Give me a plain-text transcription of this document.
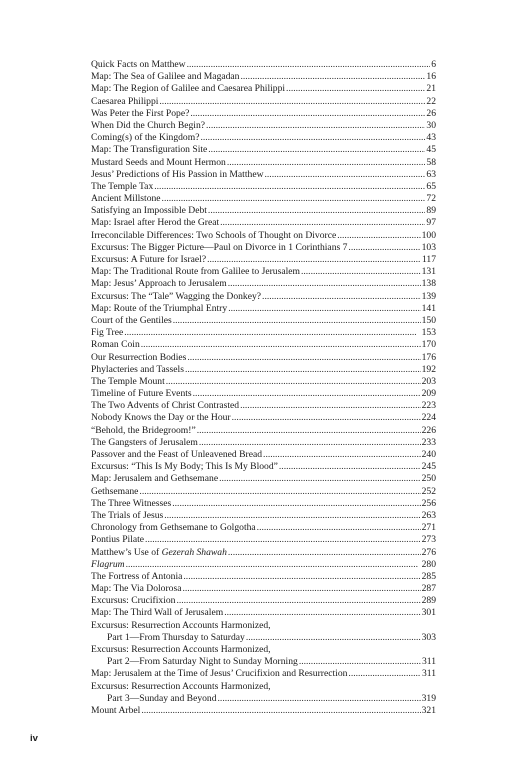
Quick Facts on Matthew . . .	6
Map: The Sea of Galilee and Magadan . . .	16
Map: The Region of Galilee and Caesarea Philippi . . .	21
Caesarea Philippi . . .	22
Was Peter the First Pope? . . .	26
When Did the Church Begin? . . .	30
Coming(s) of the Kingdom? . . .	43
Map: The Transfiguration Site . . .	45
Mustard Seeds and Mount Hermon . . .	58
Jesus’ Predictions of His Passion in Matthew . . .	63
The Temple Tax . . .	65
Ancient Millstone . . .	72
Satisfying an Impossible Debt . . .	89
Map: Israel after Herod the Great . . .	97
Irreconcilable Differences: Two Schools of Thought on Divorce . . .	100
Excursus: The Bigger Picture—Paul on Divorce in 1 Corinthians 7 . . .	103
Excursus: A Future for Israel? . . .	117
Map: The Traditional Route from Galilee to Jerusalem . . .	131
Map: Jesus’ Approach to Jerusalem . . .	138
Excursus: The “Tale” Wagging the Donkey? . . .	139
Map: Route of the Triumphal Entry . . .	141
Court of the Gentiles . . .	150
Fig Tree . . .	153
Roman Coin . . .	170
Our Resurrection Bodies . . .	176
Phylacteries and Tassels . . .	192
The Temple Mount . . .	203
Timeline of Future Events . . .	209
The Two Advents of Christ Contrasted . . .	223
Nobody Knows the Day or the Hour . . .	224
“Behold, the Bridegroom!” . . .	226
The Gangsters of Jerusalem . . .	233
Passover and the Feast of Unleavened Bread . . .	240
Excursus: “This Is My Body; This Is My Blood” . . .	245
Map: Jerusalem and Gethsemane . . .	250
Gethsemane . . .	252
The Three Witnesses . . .	256
The Trials of Jesus . . .	263
Chronology from Gethsemane to Golgotha . . .	271
Pontius Pilate . . .	273
Matthew’s Use of Gezerah Shawah . . .	276
Flagrum . . .	280
The Fortress of Antonia . . .	285
Map: The Via Dolorosa . . .	287
Excursus: Crucifixion . . .	289
Map: The Third Wall of Jerusalem . . .	301
Excursus: Resurrection Accounts Harmonized,
Part 1—From Thursday to Saturday . . .	303
Excursus: Resurrection Accounts Harmonized,
Part 2—From Saturday Night to Sunday Morning . . .	311
Map: Jerusalem at the Time of Jesus’ Crucifixion and Resurrection . . .	311
Excursus: Resurrection Accounts Harmonized,
Part 3—Sunday and Beyond . . .	319
Mount Arbel . . .	321
iv
